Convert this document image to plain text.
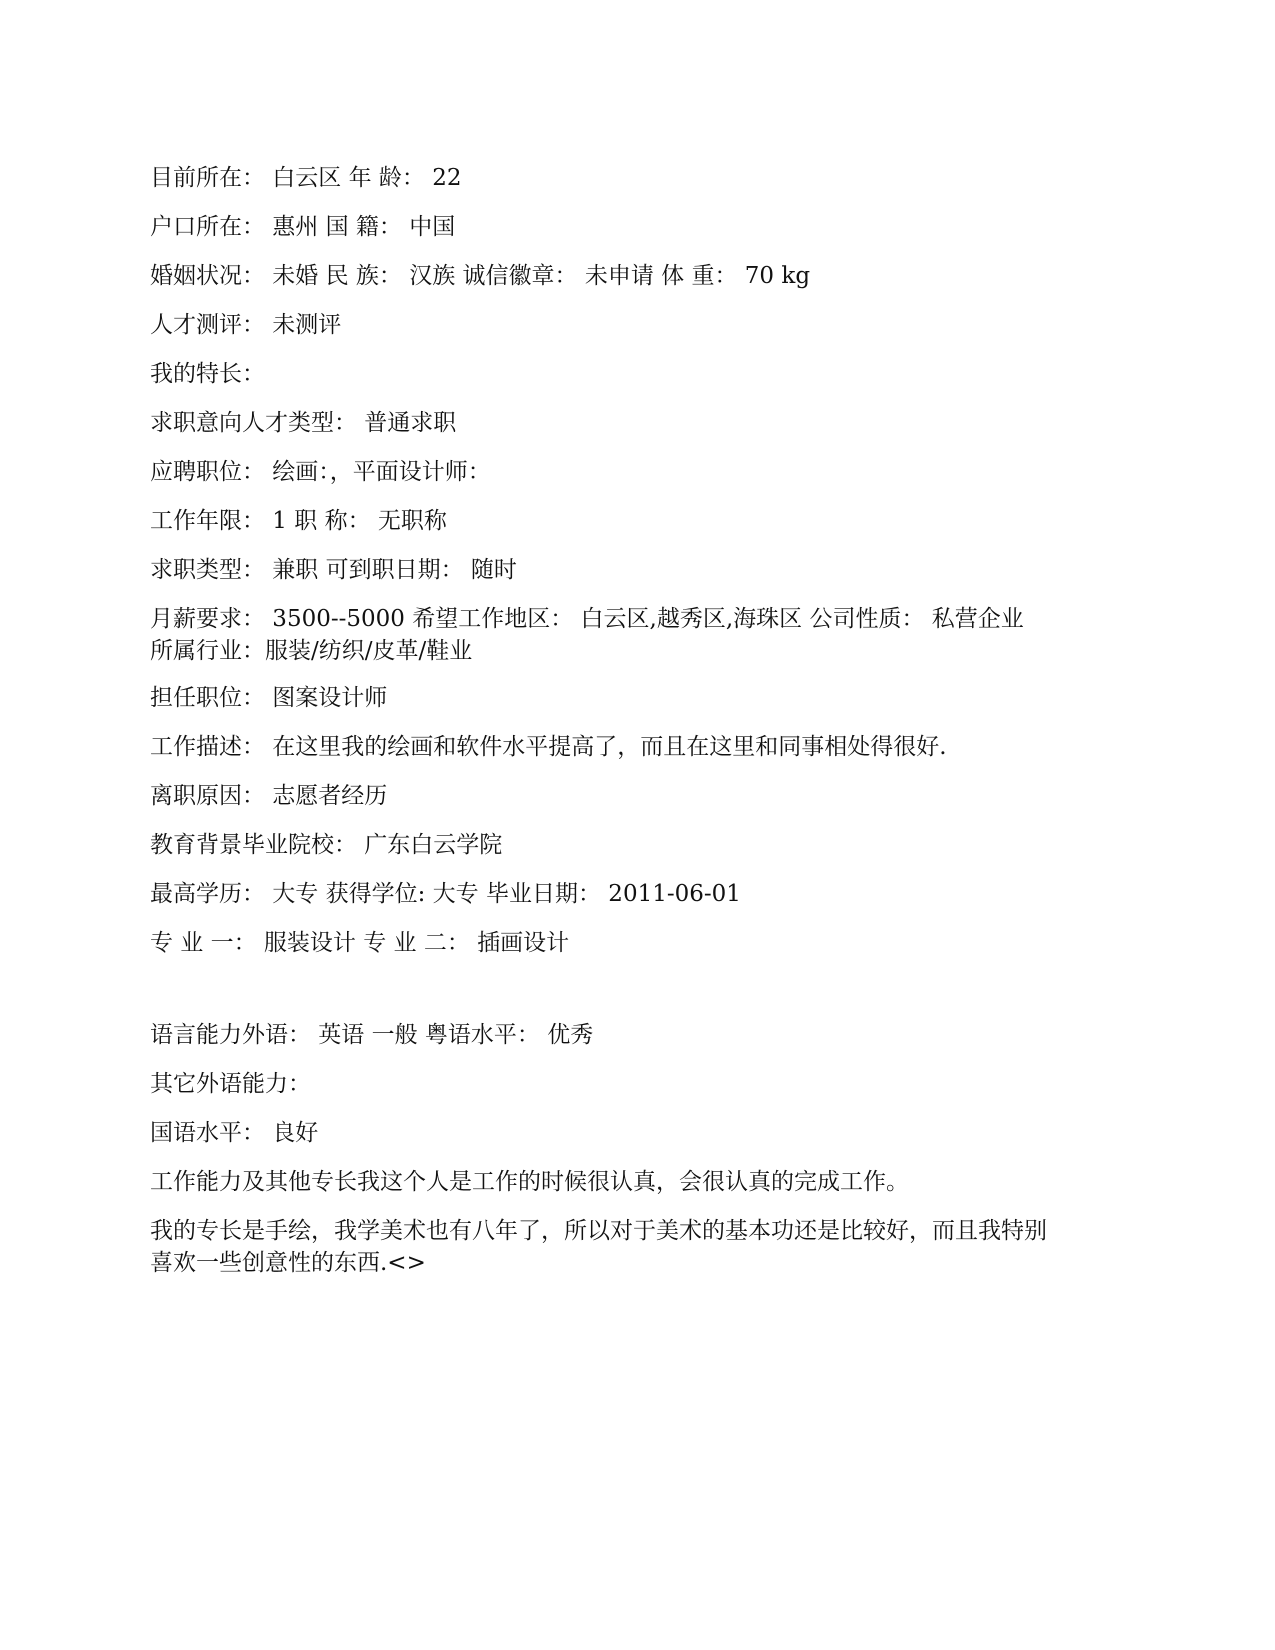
目前所在： 白云区 年 龄： 22

户口所在： 惠州 国 籍： 中国

婚姻状况： 未婚 民 族： 汉族 诚信徽章： 未申请 体 重： 70 kg

人才测评： 未测评

我的特长：

求职意向人才类型： 普通求职

应聘职位： 绘画：，平面设计师：

工作年限： 1 职 称： 无职称

求职类型： 兼职 可到职日期： 随时

月薪要求： 3500--5000 希望工作地区： 白云区,越秀区,海珠区 公司性质： 私营企业
所属行业：服装/纺织/皮革/鞋业

担任职位： 图案设计师

工作描述： 在这里我的绘画和软件水平提高了，而且在这里和同事相处得很好.

离职原因： 志愿者经历

教育背景毕业院校： 广东白云学院

最高学历： 大专 获得学位: 大专 毕业日期： 2011-06-01

专 业 一： 服装设计 专 业 二： 插画设计

语言能力外语： 英语 一般 粤语水平： 优秀

其它外语能力：

国语水平： 良好

工作能力及其他专长我这个人是工作的时候很认真，会很认真的完成工作。

我的专长是手绘，我学美术也有八年了，所以对于美术的基本功还是比较好，而且我特别
喜欢一些创意性的东西.<>
